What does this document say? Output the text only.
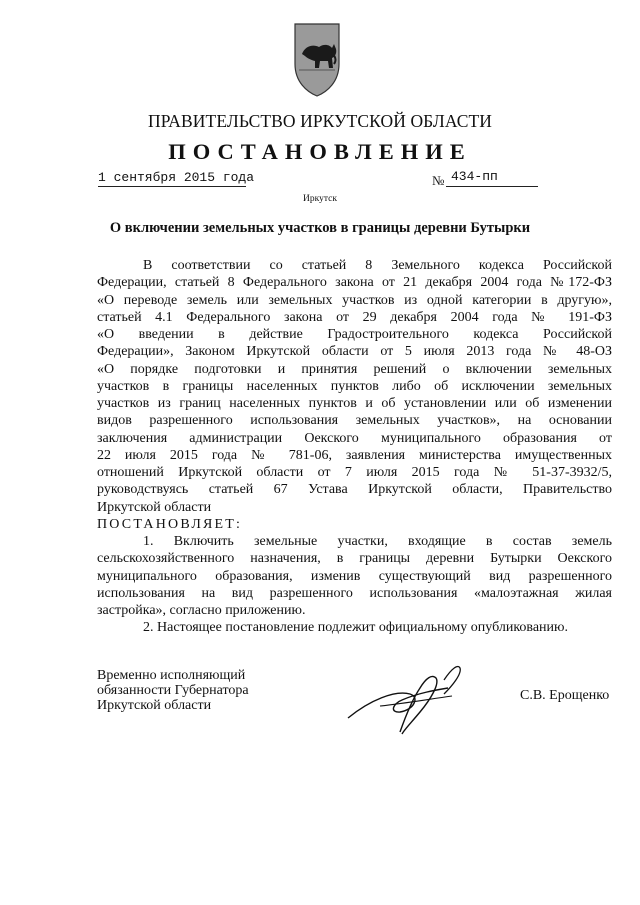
ПРАВИТЕЛЬСТВО ИРКУТСКОЙ ОБЛАСТИ
ПОСТАНОВЛЕНИЕ
1 сентября 2015 года	№ 434-пп
Иркутск
О включении земельных участков в границы деревни Бутырки
В соответствии со статьей 8 Земельного кодекса Российской
Федерации, статьей 8 Федерального закона от 21 декабря 2004 года №172-ФЗ
«О переводе земель или земельных участков из одной категории в другую»,
статьей 4.1 Федерального закона от 29 декабря 2004 года № 191-ФЗ
«О введении в действие Градостроительного кодекса Российской
Федерации», Законом Иркутской области от 5 июля 2013 года № 48-ОЗ
«О порядке подготовки и принятия решений о включении земельных
участков в границы населенных пунктов либо об исключении земельных
участков из границ населенных пунктов и об установлении или об изменении
видов разрешенного использования земельных участков», на основании
заключения администрации Оекского муниципального образования от
22 июля 2015 года № 781-06, заявления министерства имущественных
отношений Иркутской области от 7 июля 2015 года № 51-37-3932/5,
руководствуясь статьей 67 Устава Иркутской области, Правительство
Иркутской области
ПОСТАНОВЛЯЕТ:
1. Включить земельные участки, входящие в состав земель
сельскохозяйственного назначения, в границы деревни Бутырки Оекского
муниципального образования, изменив существующий вид разрешенного
использования на вид разрешенного использования «малоэтажная жилая
застройка», согласно приложению.
2. Настоящее постановление подлежит официальному опубликованию.
Временно исполняющий
обязанности Губернатора
Иркутской области
С.В. Ерощенко
